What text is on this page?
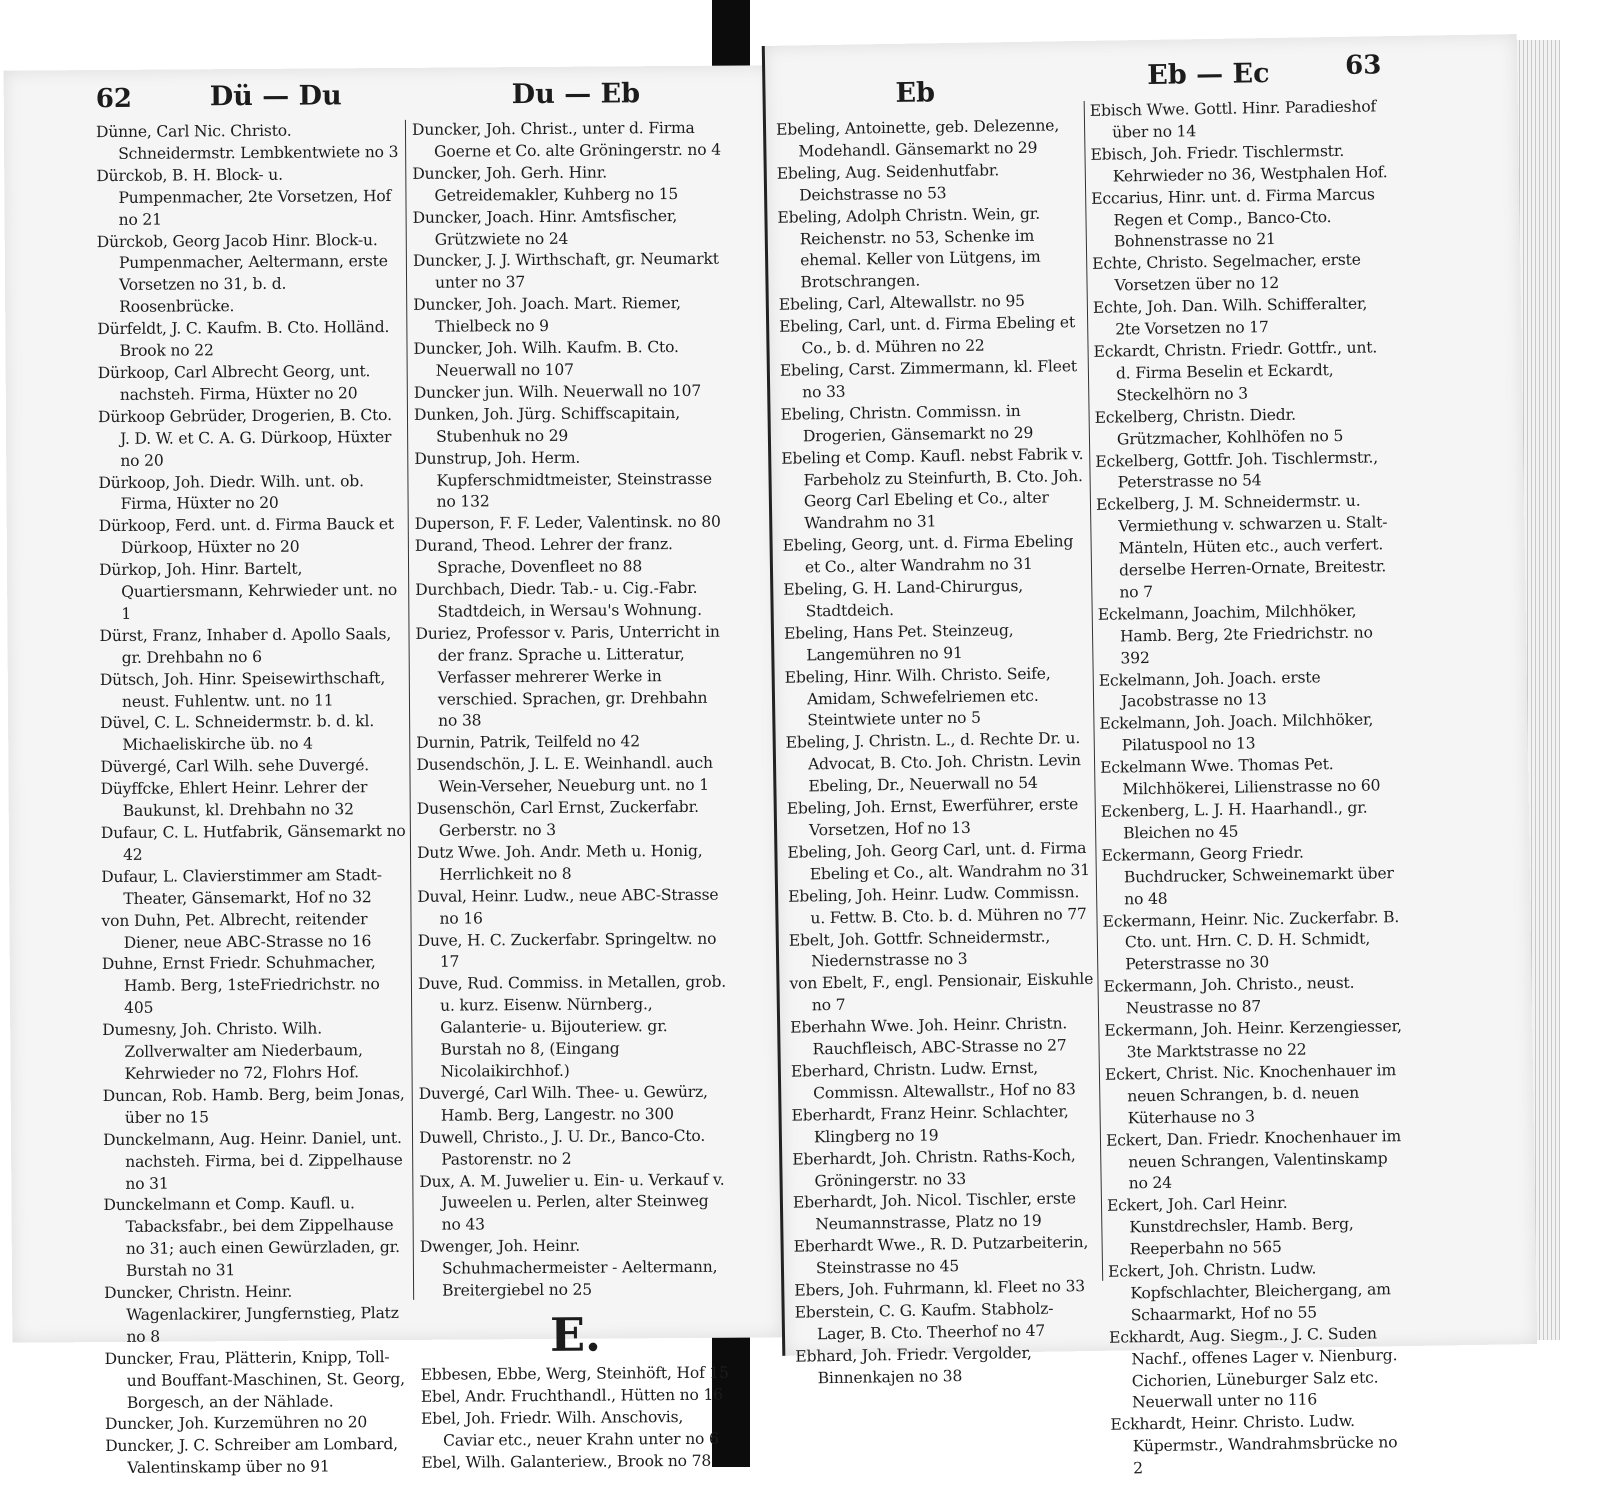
62	Dü — Du	Du — Eb

Dünne, Carl Nic. Christo. Schneidermstr. Lembkentwiete no 3

Dürckob, B. H. Block- u. Pumpenmacher, 2te Vorsetzen, Hof no 21

Dürckob, Georg Jacob Hinr. Block-u. Pumpenmacher, Aeltermann, erste Vorsetzen no 31, b. d. Roosenbrücke.

Dürfeldt, J. C. Kaufm. B. Cto. Holländ. Brook no 22

Dürkoop, Carl Albrecht Georg, unt. nachsteh. Firma, Hüxter no 20

Dürkoop Gebrüder, Drogerien, B. Cto. J. D. W. et C. A. G. Dürkoop, Hüxter no 20

Dürkoop, Joh. Diedr. Wilh. unt. ob. Firma, Hüxter no 20

Dürkoop, Ferd. unt. d. Firma Bauck et Dürkoop, Hüxter no 20

Dürkop, Joh. Hinr. Bartelt, Quartiersmann, Kehrwieder unt. no 1

Dürst, Franz, Inhaber d. Apollo Saals, gr. Drehbahn no 6

Dütsch, Joh. Hinr. Speisewirthschaft, neust. Fuhlentw. unt. no 11

Düvel, C. L. Schneidermstr. b. d. kl. Michaeliskirche üb. no 4

Düvergé, Carl Wilh. sehe Duvergé.

Düyffcke, Ehlert Heinr. Lehrer der Baukunst, kl. Drehbahn no 32

Dufaur, C. L. Hutfabrik, Gänsemarkt no 42

Dufaur, L. Clavierstimmer am Stadt-Theater, Gänsemarkt, Hof no 32

von Duhn, Pet. Albrecht, reitender Diener, neue ABC-Strasse no 16

Duhne, Ernst Friedr. Schuhmacher, Hamb. Berg, 1steFriedrichstr. no 405

Dumesny, Joh. Christo. Wilh. Zollverwalter am Niederbaum, Kehrwieder no 72, Flohrs Hof.

Duncan, Rob. Hamb. Berg, beim Jonas, über no 15

Dunckelmann, Aug. Heinr. Daniel, unt. nachsteh. Firma, bei d. Zippelhause no 31

Dunckelmann et Comp. Kaufl. u. Tabacksfabr., bei dem Zippelhause no 31; auch einen Gewürzladen, gr. Burstah no 31

Duncker, Christn. Heinr. Wagenlackirer, Jungfernstieg, Platz no 8

Duncker, Frau, Plätterin, Knipp, Toll- und Bouffant-Maschinen, St. Georg, Borgesch, an der Nählade.

Duncker, Joh. Kurzemühren no 20

Duncker, J. C. Schreiber am Lombard, Valentinskamp über no 91

Duncker, Joh. Christ., unter d. Firma Goerne et Co. alte Gröningerstr. no 4

Duncker, Joh. Gerh. Hinr. Getreidemakler, Kuhberg no 15

Duncker, Joach. Hinr. Amtsfischer, Grützwiete no 24

Duncker, J. J. Wirthschaft, gr. Neumarkt unter no 37

Duncker, Joh. Joach. Mart. Riemer, Thielbeck no 9

Duncker, Joh. Wilh. Kaufm. B. Cto. Neuerwall no 107

Duncker jun. Wilh. Neuerwall no 107

Dunken, Joh. Jürg. Schiffscapitain, Stubenhuk no 29

Dunstrup, Joh. Herm. Kupferschmidtmeister, Steinstrasse no 132

Duperson, F. F. Leder, Valentinsk. no 80

Durand, Theod. Lehrer der franz. Sprache, Dovenfleet no 88

Durchbach, Diedr. Tab.- u. Cig.-Fabr. Stadtdeich, in Wersau's Wohnung.

Duriez, Professor v. Paris, Unterricht in der franz. Sprache u. Litteratur, Verfasser mehrerer Werke in verschied. Sprachen, gr. Drehbahn no 38

Durnin, Patrik, Teilfeld no 42

Dusendschön, J. L. E. Weinhandl. auch Wein-Verseher, Neueburg unt. no 1

Dusenschön, Carl Ernst, Zuckerfabr. Gerberstr. no 3

Dutz Wwe. Joh. Andr. Meth u. Honig, Herrlichkeit no 8

Duval, Heinr. Ludw., neue ABC-Strasse no 16

Duve, H. C. Zuckerfabr. Springeltw. no 17

Duve, Rud. Commiss. in Metallen, grob. u. kurz. Eisenw. Nürnberg., Galanterie- u. Bijouteriew. gr. Burstah no 8, (Eingang Nicolaikirchhof.)

Duvergé, Carl Wilh. Thee- u. Gewürz, Hamb. Berg, Langestr. no 300

Duwell, Christo., J. U. Dr., Banco-Cto. Pastorenstr. no 2

Dux, A. M. Juwelier u. Ein- u. Verkauf v. Juweelen u. Perlen, alter Steinweg no 43

Dwenger, Joh. Heinr. Schuhmachermeister - Aeltermann, Breitergiebel no 25

E.

Ebbesen, Ebbe, Werg, Steinhöft, Hof 15

Ebel, Andr. Fruchthandl., Hütten no 16

Ebel, Joh. Friedr. Wilh. Anschovis, Caviar etc., neuer Krahn unter no 6

Ebel, Wilh. Galanteriew., Brook no 78

Eb
Eb — Ec	63

Ebeling, Antoinette, geb. Delezenne, Modehandl. Gänsemarkt no 29

Ebeling, Aug. Seidenhutfabr. Deichstrasse no 53

Ebeling, Adolph Christn. Wein, gr. Reichenstr. no 53, Schenke im ehemal. Keller von Lütgens, im Brotschrangen.

Ebeling, Carl, Altewallstr. no 95

Ebeling, Carl, unt. d. Firma Ebeling et Co., b. d. Mühren no 22

Ebeling, Carst. Zimmermann, kl. Fleet no 33

Ebeling, Christn. Commissn. in Drogerien, Gänsemarkt no 29

Ebeling et Comp. Kaufl. nebst Fabrik v. Farbeholz zu Steinfurth, B. Cto. Joh. Georg Carl Ebeling et Co., alter Wandrahm no 31

Ebeling, Georg, unt. d. Firma Ebeling et Co., alter Wandrahm no 31

Ebeling, G. H. Land-Chirurgus, Stadtdeich.

Ebeling, Hans Pet. Steinzeug, Langemühren no 91

Ebeling, Hinr. Wilh. Christo. Seife, Amidam, Schwefelriemen etc. Steintwiete unter no 5

Ebeling, J. Christn. L., d. Rechte Dr. u. Advocat, B. Cto. Joh. Christn. Levin Ebeling, Dr., Neuerwall no 54

Ebeling, Joh. Ernst, Ewerführer, erste Vorsetzen, Hof no 13

Ebeling, Joh. Georg Carl, unt. d. Firma Ebeling et Co., alt. Wandrahm no 31

Ebeling, Joh. Heinr. Ludw. Commissn. u. Fettw. B. Cto. b. d. Mühren no 77

Ebelt, Joh. Gottfr. Schneidermstr., Niedernstrasse no 3

von Ebelt, F., engl. Pensionair, Eiskuhle no 7

Eberhahn Wwe. Joh. Heinr. Christn. Rauchfleisch, ABC-Strasse no 27

Eberhard, Christn. Ludw. Ernst, Commissn. Altewallstr., Hof no 83

Eberhardt, Franz Heinr. Schlachter, Klingberg no 19

Eberhardt, Joh. Christn. Raths-Koch, Gröningerstr. no 33

Eberhardt, Joh. Nicol. Tischler, erste Neumannstrasse, Platz no 19

Eberhardt Wwe., R. D. Putzarbeiterin, Steinstrasse no 45

Ebers, Joh. Fuhrmann, kl. Fleet no 33

Eberstein, C. G. Kaufm. Stabholz-Lager, B. Cto. Theerhof no 47

Ebhard, Joh. Friedr. Vergolder, Binnenkajen no 38

Ebisch Wwe. Gottl. Hinr. Paradieshof über no 14

Ebisch, Joh. Friedr. Tischlermstr. Kehrwieder no 36, Westphalen Hof.

Eccarius, Hinr. unt. d. Firma Marcus Regen et Comp., Banco-Cto. Bohnenstrasse no 21

Echte, Christo. Segelmacher, erste Vorsetzen über no 12

Echte, Joh. Dan. Wilh. Schifferalter, 2te Vorsetzen no 17

Eckardt, Christn. Friedr. Gottfr., unt. d. Firma Beselin et Eckardt, Steckelhörn no 3

Eckelberg, Christn. Diedr. Grützmacher, Kohlhöfen no 5

Eckelberg, Gottfr. Joh. Tischlermstr., Peterstrasse no 54

Eckelberg, J. M. Schneidermstr. u. Vermiethung v. schwarzen u. Stalt-Mänteln, Hüten etc., auch verfert. derselbe Herren-Ornate, Breitestr. no 7

Eckelmann, Joachim, Milchhöker, Hamb. Berg, 2te Friedrichstr. no 392

Eckelmann, Joh. Joach. erste Jacobstrasse no 13

Eckelmann, Joh. Joach. Milchhöker, Pilatuspool no 13

Eckelmann Wwe. Thomas Pet. Milchhökerei, Lilienstrasse no 60

Eckenberg, L. J. H. Haarhandl., gr. Bleichen no 45

Eckermann, Georg Friedr. Buchdrucker, Schweinemarkt über no 48

Eckermann, Heinr. Nic. Zuckerfabr. B. Cto. unt. Hrn. C. D. H. Schmidt, Peterstrasse no 30

Eckermann, Joh. Christo., neust. Neustrasse no 87

Eckermann, Joh. Heinr. Kerzengiesser, 3te Marktstrasse no 22

Eckert, Christ. Nic. Knochenhauer im neuen Schrangen, b. d. neuen Küterhause no 3

Eckert, Dan. Friedr. Knochenhauer im neuen Schrangen, Valentinskamp no 24

Eckert, Joh. Carl Heinr. Kunstdrechsler, Hamb. Berg, Reeperbahn no 565

Eckert, Joh. Christn. Ludw. Kopfschlachter, Bleichergang, am Schaarmarkt, Hof no 55

Eckhardt, Aug. Siegm., J. C. Suden Nachf., offenes Lager v. Nienburg. Cichorien, Lüneburger Salz etc. Neuerwall unter no 116

Eckhardt, Heinr. Christo. Ludw. Küpermstr., Wandrahmsbrücke no 2
